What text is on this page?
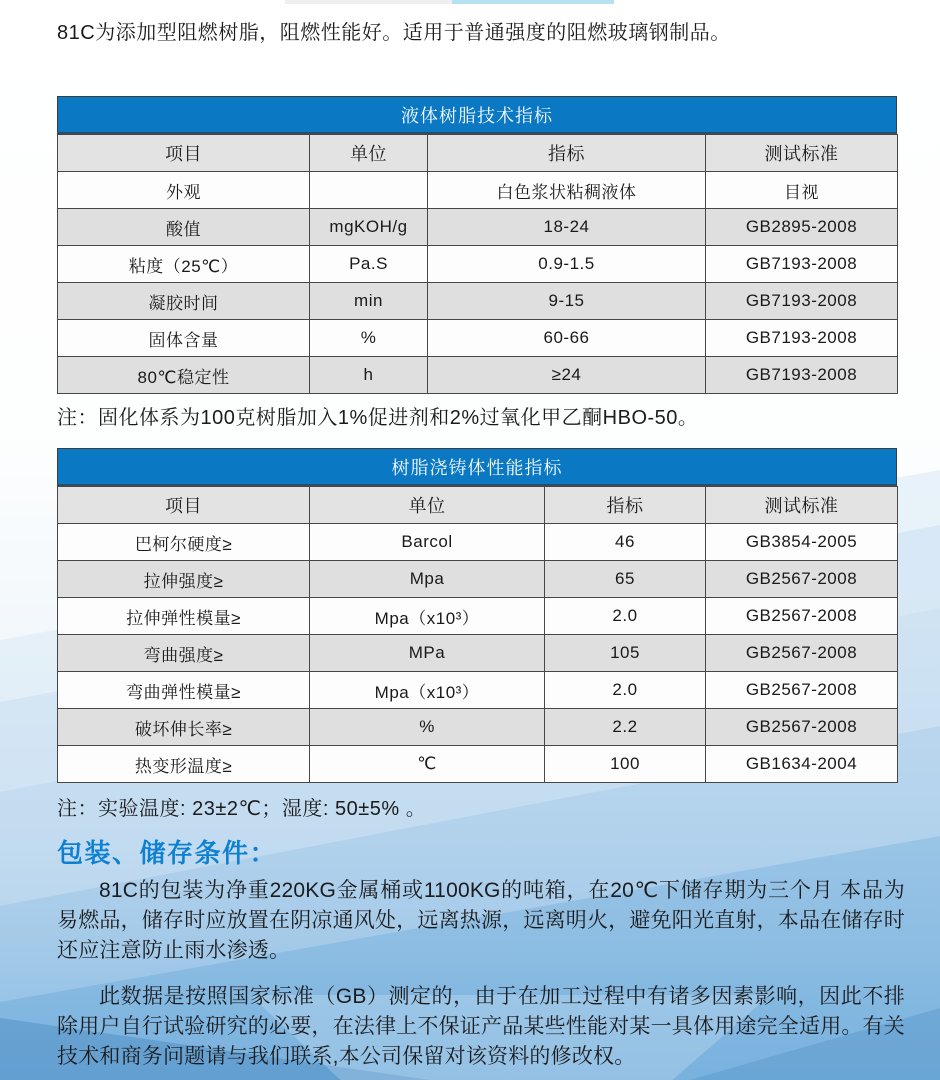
81C为添加型阻燃树脂，阻燃性能好。适用于普通强度的阻燃玻璃钢制品。
液体树脂技术指标
项目	单位	指标	测试标准
外观		白色浆状粘稠液体	目视
酸值	mgKOH/g	18-24	GB2895-2008
粘度（25℃）	Pa.S	0.9-1.5	GB7193-2008
凝胶时间	min	9-15	GB7193-2008
固体含量	%	60-66	GB7193-2008
80℃稳定性	h	≥24	GB7193-2008
注：固化体系为100克树脂加入1%促进剂和2%过氧化甲乙酮HBO-50。
树脂浇铸体性能指标
项目	单位	指标	测试标准
巴柯尔硬度≥	Barcol	46	GB3854-2005
拉伸强度≥	Mpa	65	GB2567-2008
拉伸弹性模量≥	Mpa（x10³）	2.0	GB2567-2008
弯曲强度≥	MPa	105	GB2567-2008
弯曲弹性模量≥	Mpa（x10³）	2.0	GB2567-2008
破坏伸长率≥	%	2.2	GB2567-2008
热变形温度≥	℃	100	GB1634-2004
注：实验温度: 23±2℃；湿度: 50±5% 。
包装、储存条件：
81C的包装为净重220KG金属桶或1100KG的吨箱，在20℃下储存期为三个月 本品为易燃品，储存时应放置在阴凉通风处，远离热源，远离明火，避免阳光直射，本品在储存时还应注意防止雨水渗透。
此数据是按照国家标准（GB）测定的，由于在加工过程中有诸多因素影响，因此不排除用户自行试验研究的必要，在法律上不保证产品某些性能对某一具体用途完全适用。有关技术和商务问题请与我们联系,本公司保留对该资料的修改权。
